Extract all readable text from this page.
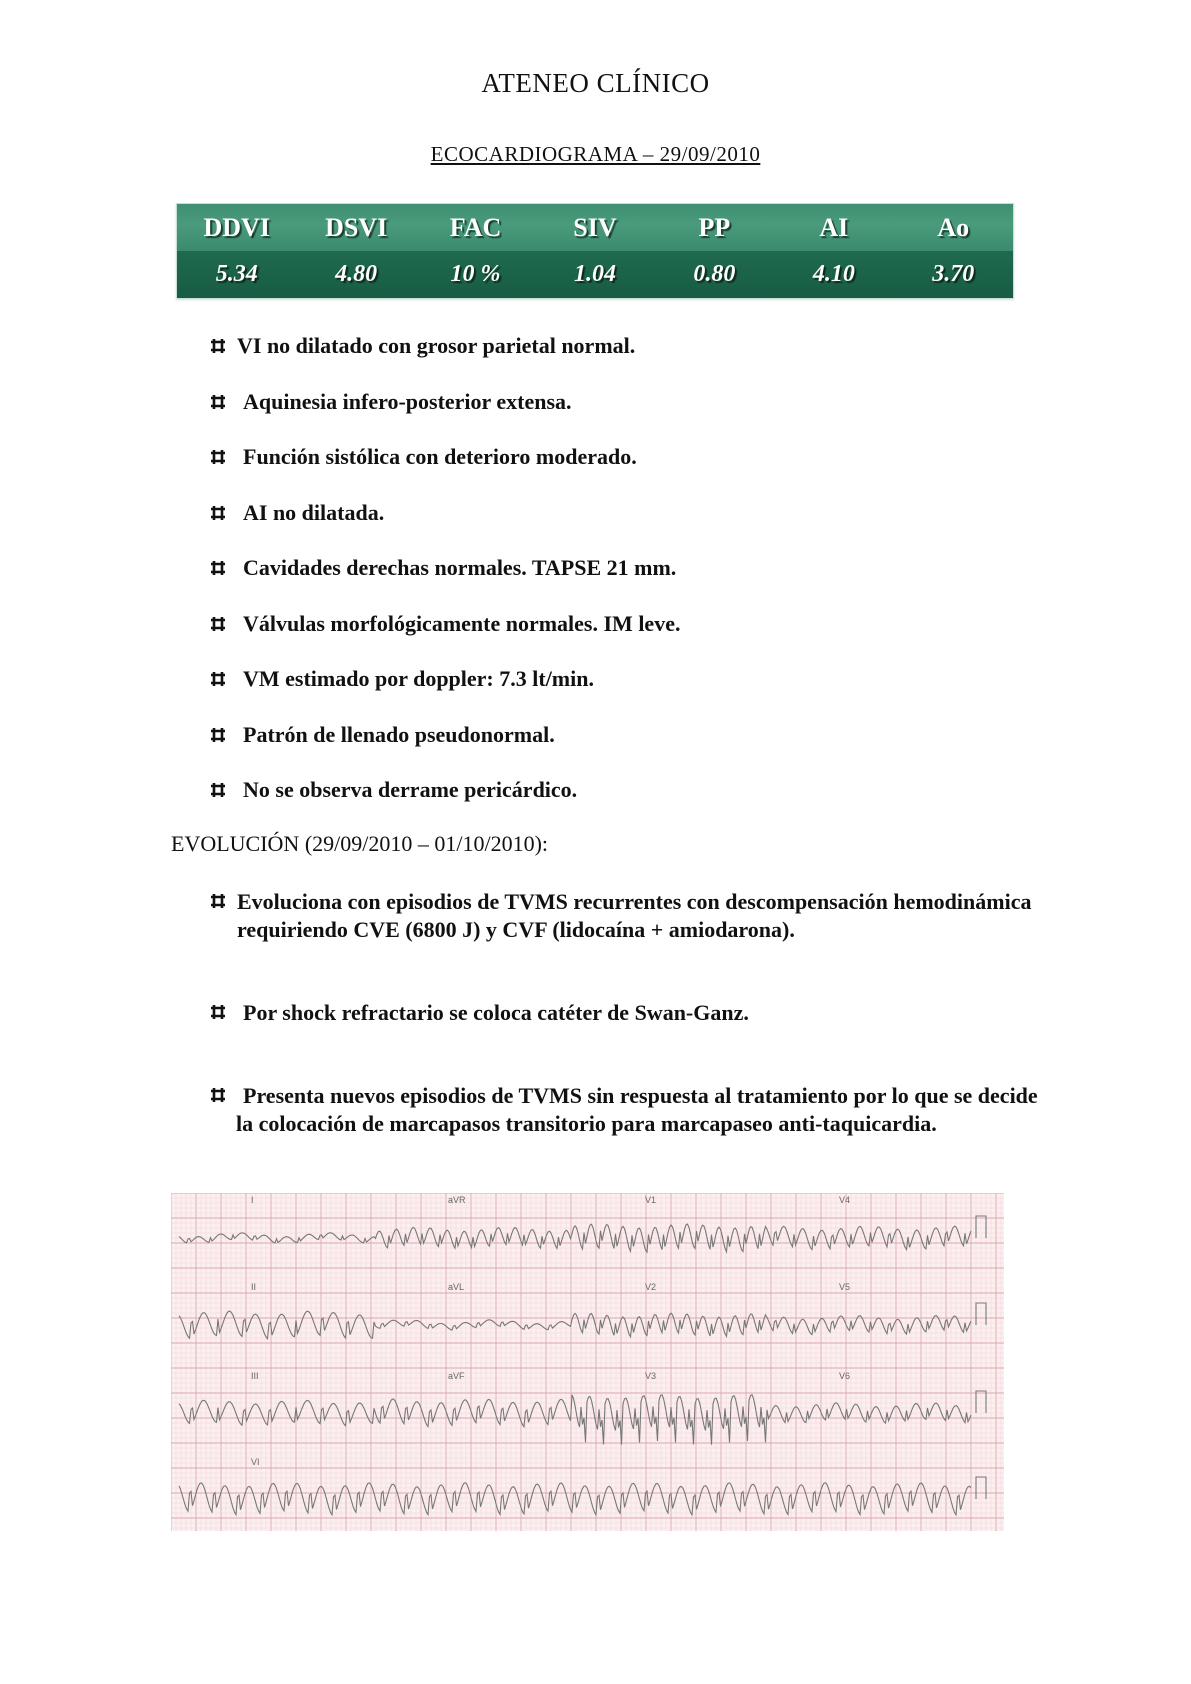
ATENEO CLÍNICO
ECOCARDIOGRAMA – 29/09/2010
DDVI	DSVI	FAC	SIV	PP	AI	Ao
5.34	4.80	10 %	1.04	0.80	4.10	3.70
VI no dilatado con grosor parietal normal.
Aquinesia infero-posterior extensa.
Función sistólica con deterioro moderado.
AI no dilatada.
Cavidades derechas normales. TAPSE 21 mm.
Válvulas morfológicamente normales. IM leve.
VM estimado por doppler: 7.3 lt/min.
Patrón de llenado pseudonormal.
No se observa derrame pericárdico.
EVOLUCIÓN (29/09/2010 – 01/10/2010):
Evoluciona con episodios de TVMS recurrentes con descompensación hemodinámica requiriendo CVE (6800 J) y CVF (lidocaína + amiodarona).
Por shock refractario se coloca catéter de Swan-Ganz.
Presenta nuevos episodios de TVMS sin respuesta al tratamiento por lo que se decide la colocación de marcapasos transitorio para marcapaseo anti-taquicardia.
I	aVR	V1	V4
II	aVL	V2	V5
III	aVF	V3	V6
VI
